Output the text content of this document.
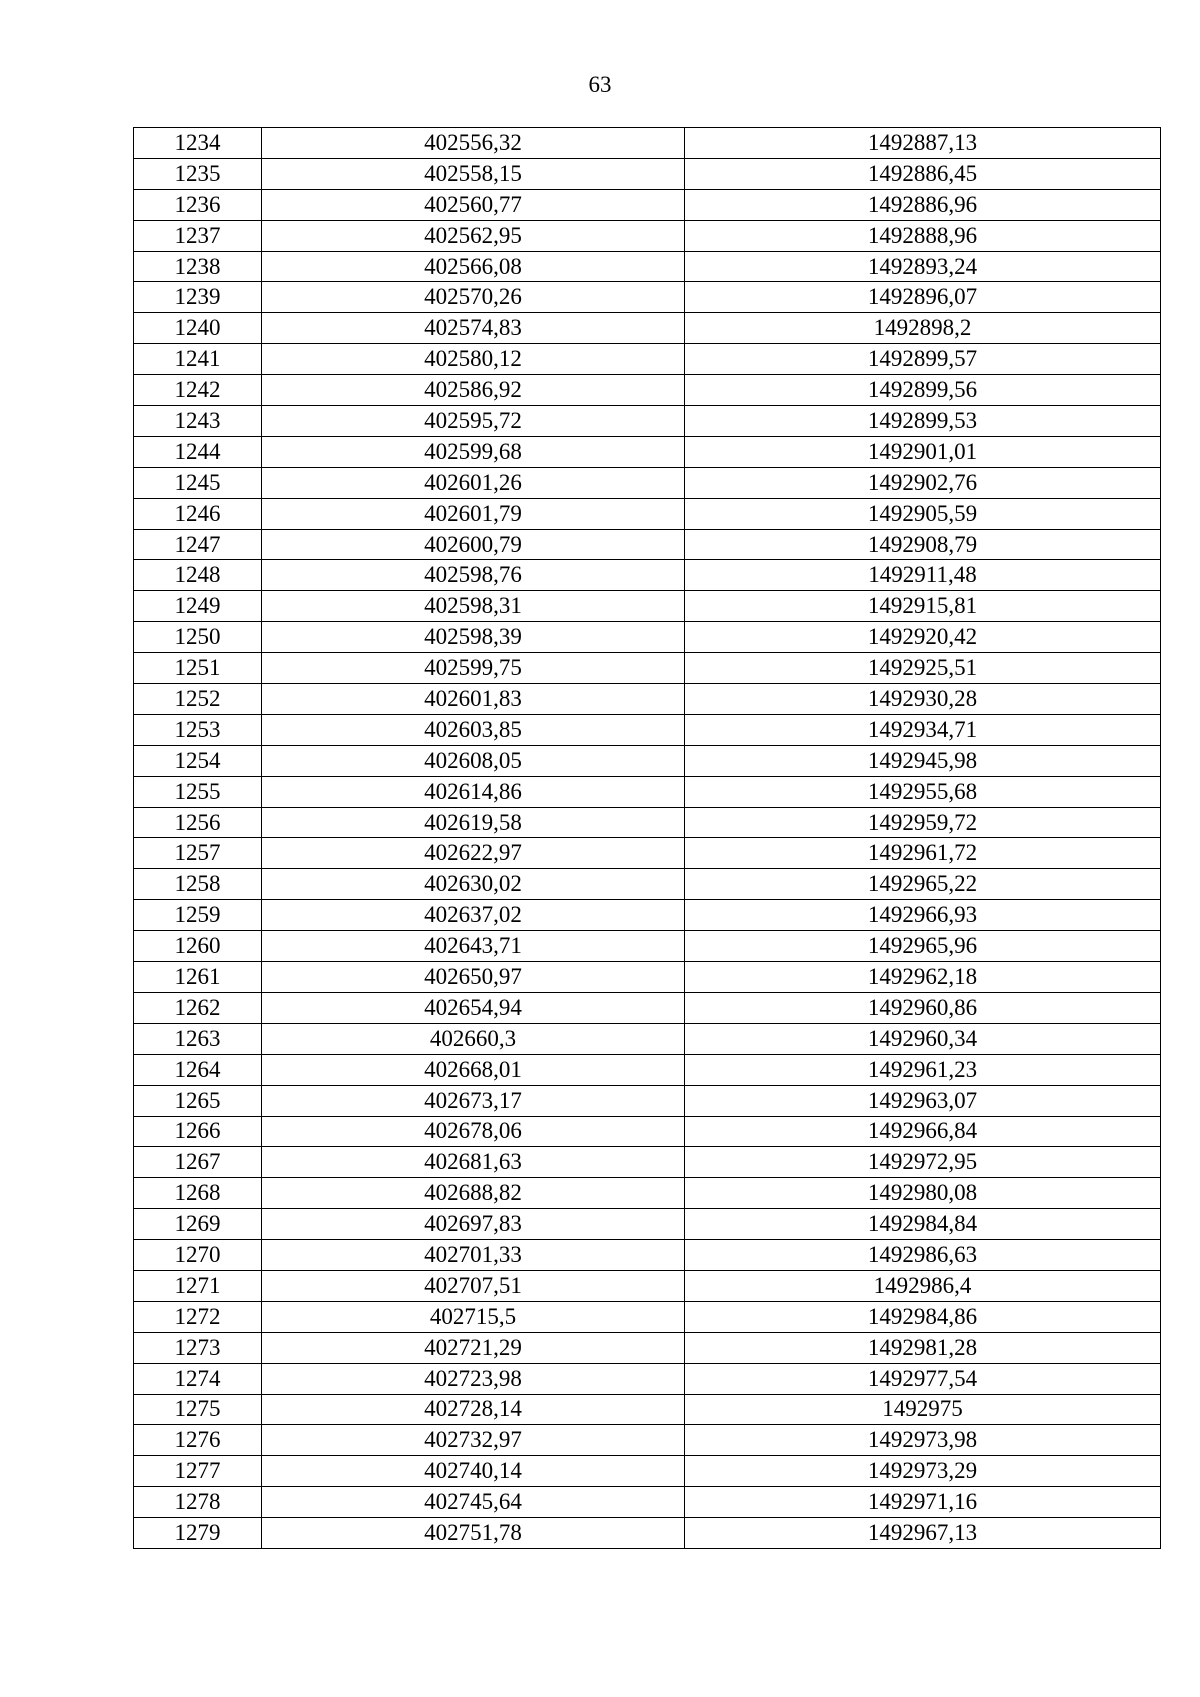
63
1234	402556,32	1492887,13
1235	402558,15	1492886,45
1236	402560,77	1492886,96
1237	402562,95	1492888,96
1238	402566,08	1492893,24
1239	402570,26	1492896,07
1240	402574,83	1492898,2
1241	402580,12	1492899,57
1242	402586,92	1492899,56
1243	402595,72	1492899,53
1244	402599,68	1492901,01
1245	402601,26	1492902,76
1246	402601,79	1492905,59
1247	402600,79	1492908,79
1248	402598,76	1492911,48
1249	402598,31	1492915,81
1250	402598,39	1492920,42
1251	402599,75	1492925,51
1252	402601,83	1492930,28
1253	402603,85	1492934,71
1254	402608,05	1492945,98
1255	402614,86	1492955,68
1256	402619,58	1492959,72
1257	402622,97	1492961,72
1258	402630,02	1492965,22
1259	402637,02	1492966,93
1260	402643,71	1492965,96
1261	402650,97	1492962,18
1262	402654,94	1492960,86
1263	402660,3	1492960,34
1264	402668,01	1492961,23
1265	402673,17	1492963,07
1266	402678,06	1492966,84
1267	402681,63	1492972,95
1268	402688,82	1492980,08
1269	402697,83	1492984,84
1270	402701,33	1492986,63
1271	402707,51	1492986,4
1272	402715,5	1492984,86
1273	402721,29	1492981,28
1274	402723,98	1492977,54
1275	402728,14	1492975
1276	402732,97	1492973,98
1277	402740,14	1492973,29
1278	402745,64	1492971,16
1279	402751,78	1492967,13
